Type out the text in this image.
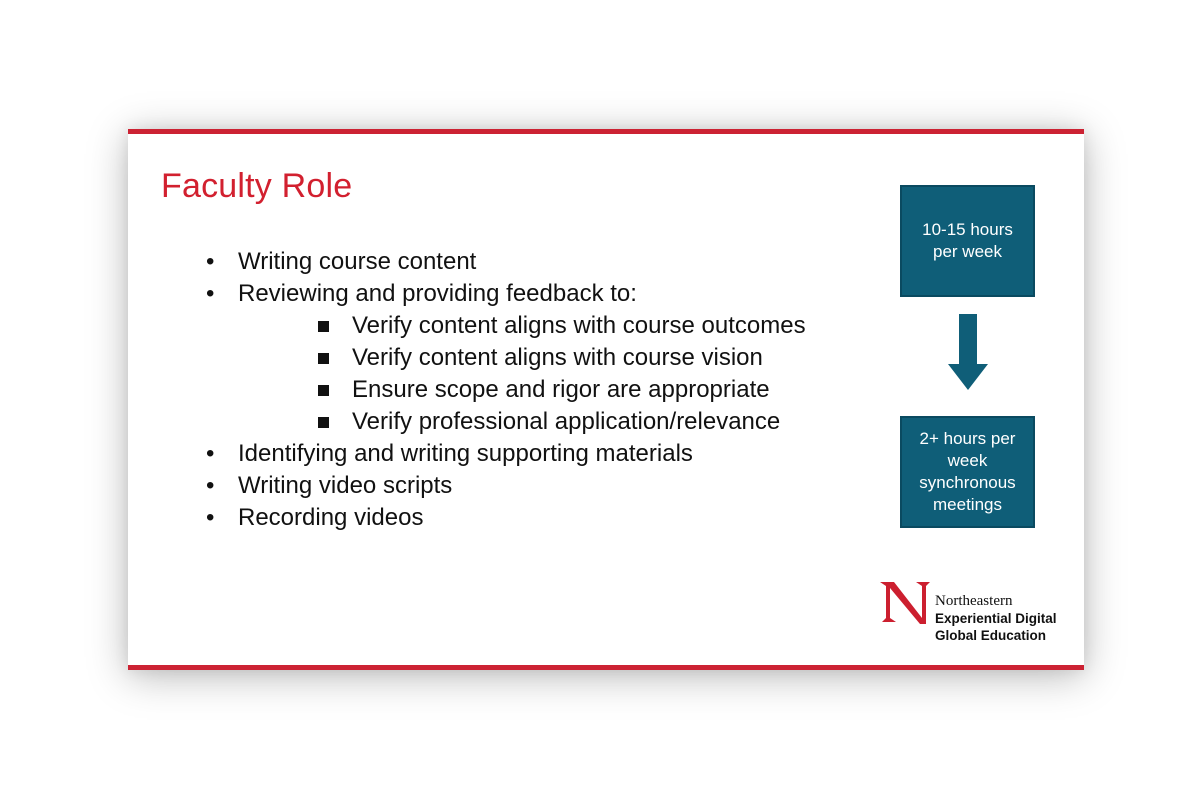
Faculty Role
• Writing course content
• Reviewing and providing feedback to:
Verify content aligns with course outcomes
Verify content aligns with course vision
Ensure scope and rigor are appropriate
Verify professional application/relevance
• Identifying and writing supporting materials
• Writing video scripts
• Recording videos
10-15 hours
per week
2+ hours per
week
synchronous
meetings
Northeastern
Experiential Digital
Global Education
